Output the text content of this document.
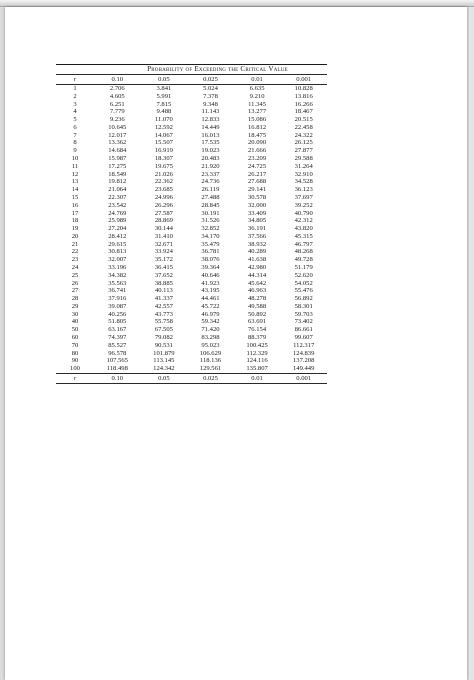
	Probability of Exceeding the Critical Value				
r	0.10	0.05	0.025	0.01	0.001
1	2.706	3.841	5.024	6.635	10.828
2	4.605	5.991	7.378	9.210	13.816
3	6.251	7.815	9.348	11.345	16.266
4	7.779	9.488	11.143	13.277	18.467
5	9.236	11.070	12.833	15.086	20.515
6	10.645	12.592	14.449	16.812	22.458
7	12.017	14.067	16.013	18.475	24.322
8	13.362	15.507	17.535	20.090	26.125
9	14.684	16.919	19.023	21.666	27.877
10	15.987	18.307	20.483	23.209	29.588
11	17.275	19.675	21.920	24.725	31.264
12	18.549	21.026	23.337	26.217	32.910
13	19.812	22.362	24.736	27.688	34.528
14	21.064	23.685	26.119	29.141	36.123
15	22.307	24.996	27.488	30.578	37.697
16	23.542	26.296	28.845	32.000	39.252
17	24.769	27.587	30.191	33.409	40.790
18	25.989	28.869	31.526	34.805	42.312
19	27.204	30.144	32.852	36.191	43.820
20	28.412	31.410	34.170	37.566	45.315
21	29.615	32.671	35.479	38.932	46.797
22	30.813	33.924	36.781	40.289	48.268
23	32.007	35.172	38.076	41.638	49.728
24	33.196	36.415	39.364	42.980	51.179
25	34.382	37.652	40.646	44.314	52.620
26	35.563	38.885	41.923	45.642	54.052
27	36.741	40.113	43.195	46.963	55.476
28	37.916	41.337	44.461	48.278	56.892
29	39.087	42.557	45.722	49.588	58.301
30	40.256	43.773	46.979	50.892	59.703
40	51.805	55.758	59.342	63.691	73.402
50	63.167	67.505	71.420	76.154	86.661
60	74.397	79.082	83.298	88.379	99.607
70	85.527	90.531	95.023	100.425	112.317
80	96.578	101.879	106.629	112.329	124.839
90	107.565	113.145	118.136	124.116	137.208
100	118.498	124.342	129.561	135.807	149.449
r	0.10	0.05	0.025	0.01	0.001
